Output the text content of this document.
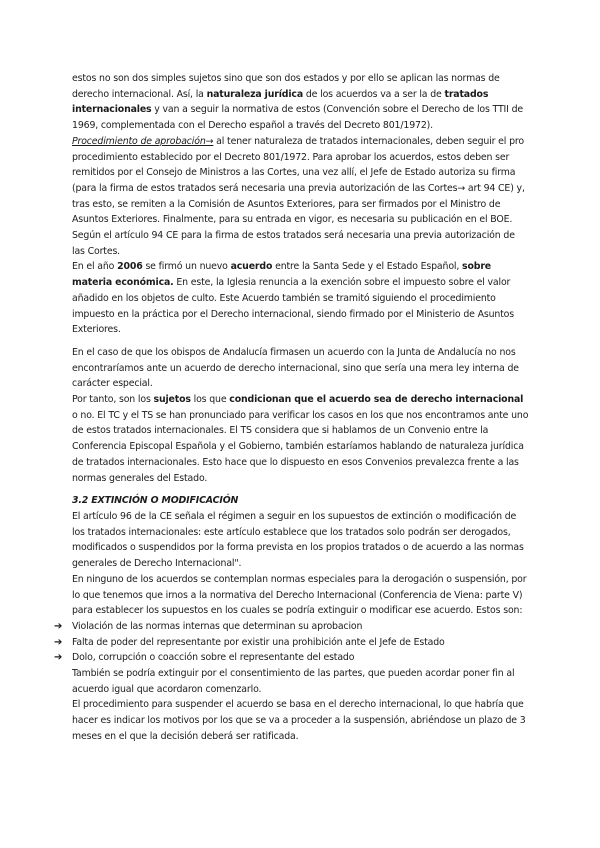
estos no son dos simples sujetos sino que son dos estados y por ello se aplican las normas de derecho internacional. Así, la naturaleza jurídica de los acuerdos va a ser la de tratados internacionales y van a seguir la normativa de estos (Convención sobre el Derecho de los TTII de 1969, complementada con el Derecho español a través del Decreto 801/1972).

Procedimiento de aprobación→ al tener naturaleza de tratados internacionales, deben seguir el pro procedimiento establecido por el Decreto 801/1972. Para aprobar los acuerdos, estos deben ser remitidos por el Consejo de Ministros a las Cortes, una vez allí, el Jefe de Estado autoriza su firma (para la firma de estos tratados será necesaria una previa autorización de las Cortes→ art 94 CE) y, tras esto, se remiten a la Comisión de Asuntos Exteriores, para ser firmados por el Ministro de Asuntos Exteriores. Finalmente, para su entrada en vigor, es necesaria su publicación en el BOE. Según el artículo 94 CE para la firma de estos tratados será necesaria una previa autorización de las Cortes.

En el año 2006 se firmó un nuevo acuerdo entre la Santa Sede y el Estado Español, sobre materia económica. En este, la Iglesia renuncia a la exención sobre el impuesto sobre el valor añadido en los objetos de culto. Este Acuerdo también se tramitó siguiendo el procedimiento impuesto en la práctica por el Derecho internacional, siendo firmado por el Ministerio de Asuntos Exteriores.

En el caso de que los obispos de Andalucía firmasen un acuerdo con la Junta de Andalucía no nos encontraríamos ante un acuerdo de derecho internacional, sino que sería una mera ley interna de carácter especial.

Por tanto, son los sujetos los que condicionan que el acuerdo sea de derecho internacional o no. El TC y el TS se han pronunciado para verificar los casos en los que nos encontramos ante uno de estos tratados internacionales. El TS considera que si hablamos de un Convenio entre la Conferencia Episcopal Española y el Gobierno, también estaríamos hablando de naturaleza jurídica de tratados internacionales. Esto hace que lo dispuesto en esos Convenios prevalezca frente a las normas generales del Estado.

3.2 EXTINCIÓN O MODIFICACIÓN

El artículo 96 de la CE señala el régimen a seguir en los supuestos de extinción o modificación de los tratados internacionales: este artículo establece que los tratados solo podrán ser derogados, modificados o suspendidos por la forma prevista en los propios tratados o de acuerdo a las normas generales de Derecho Internacional".

En ninguno de los acuerdos se contemplan normas especiales para la derogación o suspensión, por lo que tenemos que irnos a la normativa del Derecho Internacional (Conferencia de Viena: parte V) para establecer los supuestos en los cuales se podría extinguir o modificar ese acuerdo. Estos son:

➔ Violación de las normas internas que determinan su aprobacion
➔ Falta de poder del representante por existir una prohibición ante el Jefe de Estado
➔ Dolo, corrupción o coacción sobre el representante del estado

También se podría extinguir por el consentimiento de las partes, que pueden acordar poner fin al acuerdo igual que acordaron comenzarlo.

El procedimiento para suspender el acuerdo se basa en el derecho internacional, lo que habría que hacer es indicar los motivos por los que se va a proceder a la suspensión, abriéndose un plazo de 3 meses en el que la decisión deberá ser ratificada.
